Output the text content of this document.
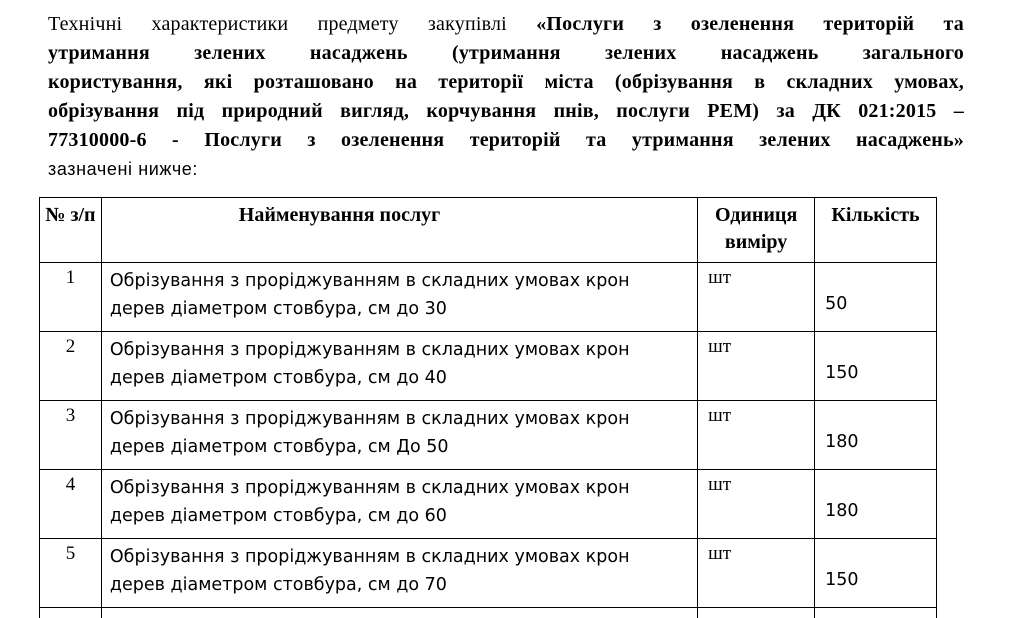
Технічні характеристики предмету закупівлі «Послуги з озеленення територій та
утримання зелених насаджень (утримання зелених насаджень загального
користування, які розташовано на території міста (обрізування в складних умовах,
обрізування під природний вигляд, корчування пнів, послуги РЕМ) за ДК 021:2015 –
77310000-6 - Послуги з озеленення територій та утримання зелених насаджень»
зазначені нижче:
№ з/п	Найменування послуг	Одиниця виміру	Кількість
1	Обрізування з проріджуванням в складних умовах крон
дерев діаметром стовбура, см до 30	шт	50
2	Обрізування з проріджуванням в складних умовах крон
дерев діаметром стовбура, см до 40	шт	150
3	Обрізування з проріджуванням в складних умовах крон
дерев діаметром стовбура, см До 50	шт	180
4	Обрізування з проріджуванням в складних умовах крон
дерев діаметром стовбура, см до 60	шт	180
5	Обрізування з проріджуванням в складних умовах крон
дерев діаметром стовбура, см до 70	шт	150
